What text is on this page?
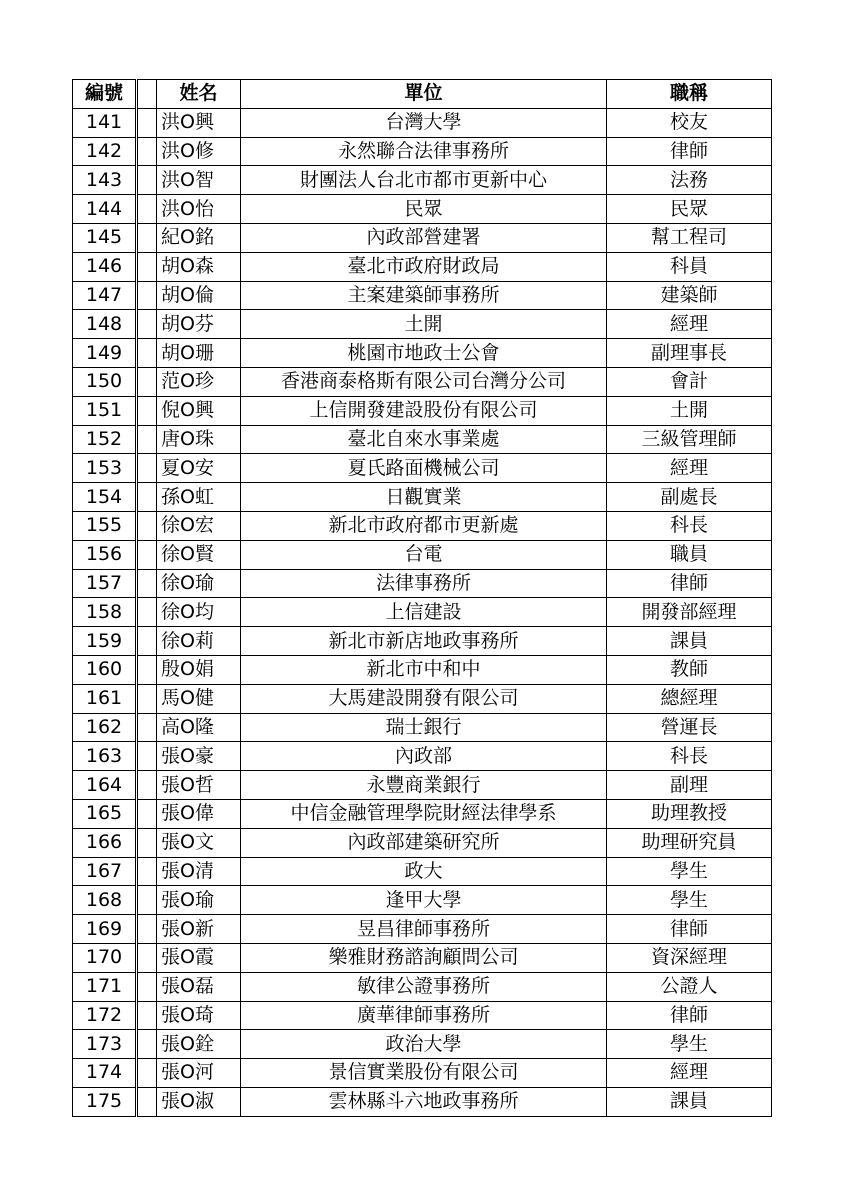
編號		姓名	單位	職稱
141		洪O興	台灣大學	校友
142		洪O修	永然聯合法律事務所	律師
143		洪O智	財團法人台北市都市更新中心	法務
144		洪O怡	民眾	民眾
145		紀O銘	內政部營建署	幫工程司
146		胡O森	臺北市政府財政局	科員
147		胡O倫	主案建築師事務所	建築師
148		胡O芬	土開	經理
149		胡O珊	桃園市地政士公會	副理事長
150		范O珍	香港商泰格斯有限公司台灣分公司	會計
151		倪O興	上信開發建設股份有限公司	土開
152		唐O珠	臺北自來水事業處	三級管理師
153		夏O安	夏氏路面機械公司	經理
154		孫O虹	日觀實業	副處長
155		徐O宏	新北市政府都市更新處	科長
156		徐O賢	台電	職員
157		徐O瑜	法律事務所	律師
158		徐O均	上信建設	開發部經理
159		徐O莉	新北市新店地政事務所	課員
160		殷O娟	新北市中和中	教師
161		馬O健	大馬建設開發有限公司	總經理
162		高O隆	瑞士銀行	營運長
163		張O豪	內政部	科長
164		張O哲	永豐商業銀行	副理
165		張O偉	中信金融管理學院財經法律學系	助理教授
166		張O文	內政部建築研究所	助理研究員
167		張O清	政大	學生
168		張O瑜	逢甲大學	學生
169		張O新	昱昌律師事務所	律師
170		張O霞	樂雅財務諮詢顧問公司	資深經理
171		張O磊	敏律公證事務所	公證人
172		張O琦	廣華律師事務所	律師
173		張O銓	政治大學	學生
174		張O河	景信實業股份有限公司	經理
175		張O淑	雲林縣斗六地政事務所	課員
